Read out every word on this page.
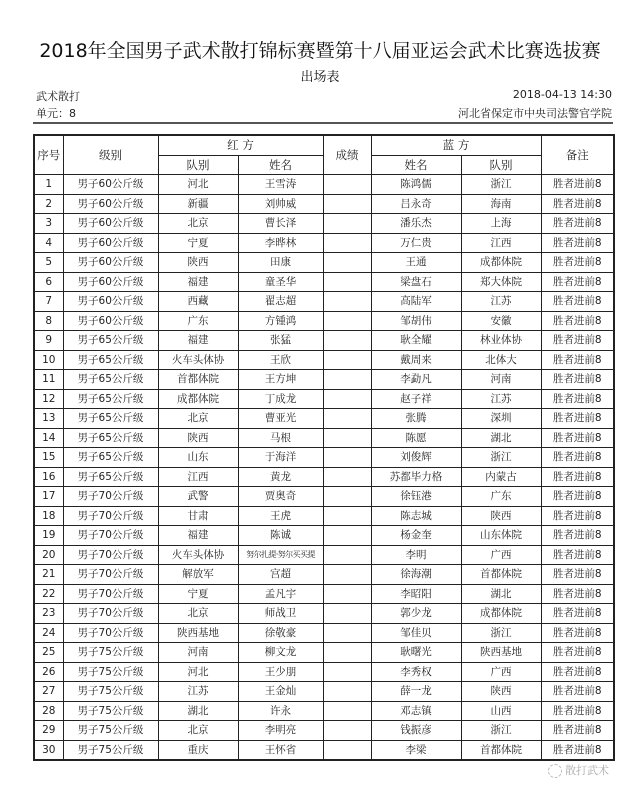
2018年全国男子武术散打锦标赛暨第十八届亚运会武术比赛选拔赛
出场表
武术散打
单元：8
2018-04-13 14:30
河北省保定市中央司法警官学院
序号	级别	红 方		成绩	蓝 方		备注
		队别	姓名		姓名	队别	
1	男子60公斤级	河北	王雪涛		陈鸿儒	浙江	胜者进前8
2	男子60公斤级	新疆	刘帅威		吕永奇	海南	胜者进前8
3	男子60公斤级	北京	曹长泽		潘乐杰	上海	胜者进前8
4	男子60公斤级	宁夏	李晔林		万仁贵	江西	胜者进前8
5	男子60公斤级	陕西	田康		王通	成都体院	胜者进前8
6	男子60公斤级	福建	童圣华		梁盘石	郑大体院	胜者进前8
7	男子60公斤级	西藏	翟志超		高陆军	江苏	胜者进前8
8	男子60公斤级	广东	方锺鸿		邹胡伟	安徽	胜者进前8
9	男子65公斤级	福建	张猛		耿全耀	林业体协	胜者进前8
10	男子65公斤级	火车头体协	王欣		戴周来	北体大	胜者进前8
11	男子65公斤级	首都体院	王方坤		李勐凡	河南	胜者进前8
12	男子65公斤级	成都体院	丁成龙		赵子祥	江苏	胜者进前8
13	男子65公斤级	北京	曹亚光		张腾	深圳	胜者进前8
14	男子65公斤级	陕西	马根		陈愿	湖北	胜者进前8
15	男子65公斤级	山东	于海洋		刘俊辉	浙江	胜者进前8
16	男子65公斤级	江西	黄龙		苏都毕力格	内蒙古	胜者进前8
17	男子70公斤级	武警	贾奥奇		徐钰港	广东	胜者进前8
18	男子70公斤级	甘肃	王虎		陈志城	陕西	胜者进前8
19	男子70公斤级	福建	陈诚		杨金奎	山东体院	胜者进前8
20	男子70公斤级	火车头体协	努尔扎提·努尔买买提		李明	广西	胜者进前8
21	男子70公斤级	解放军	宫超		徐海潮	首都体院	胜者进前8
22	男子70公斤级	宁夏	孟凡宇		李昭阳	湖北	胜者进前8
23	男子70公斤级	北京	师战卫		郭少龙	成都体院	胜者进前8
24	男子70公斤级	陕西基地	徐敬豪		邹佳贝	浙江	胜者进前8
25	男子75公斤级	河南	柳文龙		耿曙光	陕西基地	胜者进前8
26	男子75公斤级	河北	王少朋		李秀权	广西	胜者进前8
27	男子75公斤级	江苏	王金灿		薛一龙	陕西	胜者进前8
28	男子75公斤级	湖北	许永		邓志镇	山西	胜者进前8
29	男子75公斤级	北京	李明亮		钱振彦	浙江	胜者进前8
30	男子75公斤级	重庆	王怀省		李梁	首都体院	胜者进前8
散打武术
